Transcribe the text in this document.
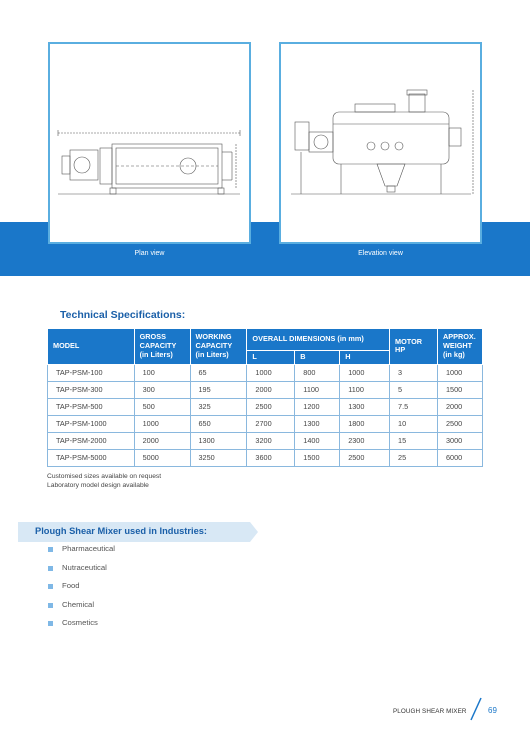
Plan view	Elevation view
Technical Specifications:
MODEL	GROSS CAPACITY (in Liters)	WORKING CAPACITY (in Liters)	OVERALL DIMENSIONS (in mm)			MOTOR HP	APPROX. WEIGHT (in kg)
			L	B	H		
TAP-PSM-100	100	65	1000	800	1000	3	1000
TAP-PSM-300	300	195	2000	1100	1100	5	1500
TAP-PSM-500	500	325	2500	1200	1300	7.5	2000
TAP-PSM-1000	1000	650	2700	1300	1800	10	2500
TAP-PSM-2000	2000	1300	3200	1400	2300	15	3000
TAP-PSM-5000	5000	3250	3600	1500	2500	25	6000
Customised sizes available on request
Laboratory model design available
Plough Shear Mixer used in Industries:
Pharmaceutical
Nutraceutical
Food
Chemical
Cosmetics
PLOUGH SHEAR MIXER	69
